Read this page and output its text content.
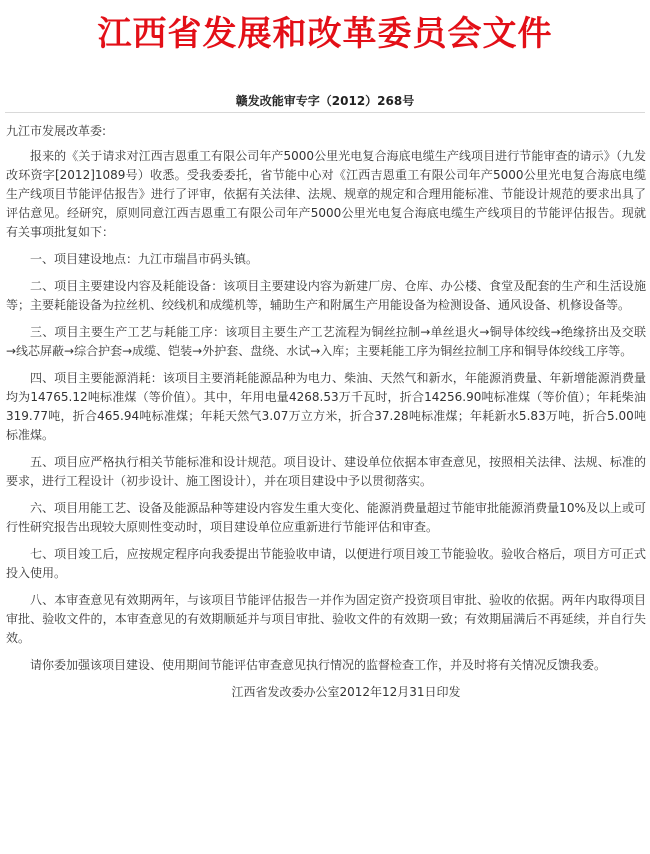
江西省发展和改革委员会文件
赣发改能审专字（2012）268号

九江市发展改革委:

报来的《关于请求对江西吉恩重工有限公司年产5000公里光电复合海底电缆生产线项目进行节能审查的请示》（九发改环资字[2012]1089号）收悉。受我委委托，省节能中心对《江西吉恩重工有限公司年产5000公里光电复合海底电缆生产线项目节能评估报告》进行了评审，依据有关法律、法规、规章的规定和合理用能标准、节能设计规范的要求出具了评估意见。经研究，原则同意江西吉恩重工有限公司年产5000公里光电复合海底电缆生产线项目的节能评估报告。现就有关事项批复如下：

一、项目建设地点：九江市瑞昌市码头镇。

二、项目主要建设内容及耗能设备：该项目主要建设内容为新建厂房、仓库、办公楼、食堂及配套的生产和生活设施等；主要耗能设备为拉丝机、绞线机和成缆机等，辅助生产和附属生产用能设备为检测设备、通风设备、机修设备等。

三、项目主要生产工艺与耗能工序：该项目主要生产工艺流程为铜丝拉制→单丝退火→铜导体绞线→绝缘挤出及交联→线芯屏蔽→综合护套→成缆、铠装→外护套、盘绕、水试→入库；主要耗能工序为铜丝拉制工序和铜导体绞线工序等。

四、项目主要能源消耗：该项目主要消耗能源品种为电力、柴油、天然气和新水，年能源消费量、年新增能源消费量均为14765.12吨标准煤（等价值）。其中，年用电量4268.53万千瓦时，折合14256.90吨标准煤（等价值）；年耗柴油319.77吨，折合465.94吨标准煤；年耗天然气3.07万立方米，折合37.28吨标准煤；年耗新水5.83万吨，折合5.00吨标准煤。

五、项目应严格执行相关节能标准和设计规范。项目设计、建设单位依据本审查意见，按照相关法律、法规、标准的要求，进行工程设计（初步设计、施工图设计），并在项目建设中予以贯彻落实。

六、项目用能工艺、设备及能源品种等建设内容发生重大变化、能源消费量超过节能审批能源消费量10%及以上或可行性研究报告出现较大原则性变动时，项目建设单位应重新进行节能评估和审查。

七、项目竣工后，应按规定程序向我委提出节能验收申请，以便进行项目竣工节能验收。验收合格后，项目方可正式投入使用。

八、本审查意见有效期两年，与该项目节能评估报告一并作为固定资产投资项目审批、验收的依据。两年内取得项目审批、验收文件的，本审查意见的有效期顺延并与项目审批、验收文件的有效期一致；有效期届满后不再延续，并自行失效。

请你委加强该项目建设、使用期间节能评估审查意见执行情况的监督检查工作，并及时将有关情况反馈我委。

江西省发改委办公室2012年12月31日印发
